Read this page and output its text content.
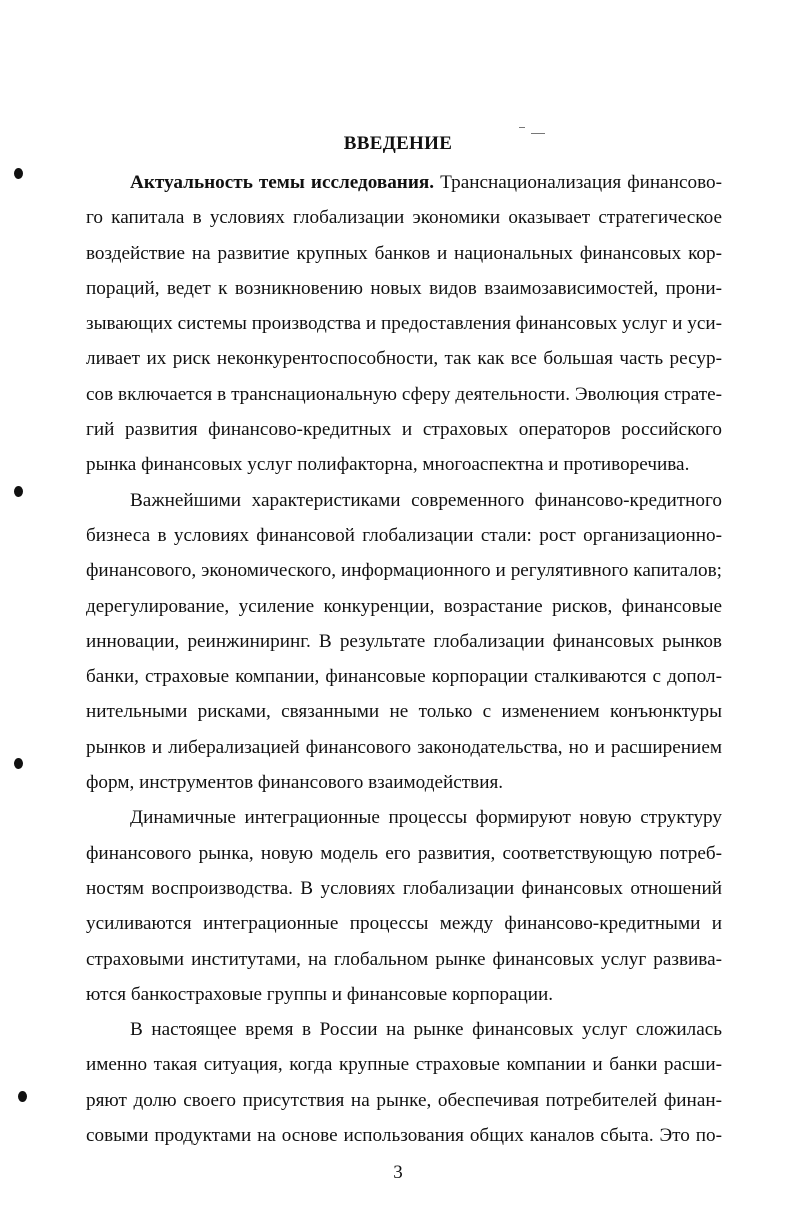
ВВЕДЕНИЕ
Актуальность темы исследования. Транснационализация финансово-
го капитала в условиях глобализации экономики оказывает стратегическое
воздействие на развитие крупных банков и национальных финансовых кор-
пораций, ведет к возникновению новых видов взаимозависимостей, прони-
зывающих системы производства и предоставления финансовых услуг и уси-
ливает их риск неконкурентоспособности, так как все большая часть ресур-
сов включается в транснациональную сферу деятельности. Эволюция страте-
гий развития финансово-кредитных и страховых операторов российского
рынка финансовых услуг полифакторна, многоаспектна и противоречива.
Важнейшими характеристиками современного финансово-кредитного
бизнеса в условиях финансовой глобализации стали: рост организационно-
финансового, экономического, информационного и регулятивного капиталов;
дерегулирование, усиление конкуренции, возрастание рисков, финансовые
инновации, реинжиниринг. В результате глобализации финансовых рынков
банки, страховые компании, финансовые корпорации сталкиваются с допол-
нительными рисками, связанными не только с изменением конъюнктуры
рынков и либерализацией финансового законодательства, но и расширением
форм, инструментов финансового взаимодействия.
Динамичные интеграционные процессы формируют новую структуру
финансового рынка, новую модель его развития, соответствующую потреб-
ностям воспроизводства. В условиях глобализации финансовых отношений
усиливаются интеграционные процессы между финансово-кредитными и
страховыми институтами, на глобальном рынке финансовых услуг развива-
ются банкостраховые группы и финансовые корпорации.
В настоящее время в России на рынке финансовых услуг сложилась
именно такая ситуация, когда крупные страховые компании и банки расши-
ряют долю своего присутствия на рынке, обеспечивая потребителей финан-
совыми продуктами на основе использования общих каналов сбыта. Это по-
3
